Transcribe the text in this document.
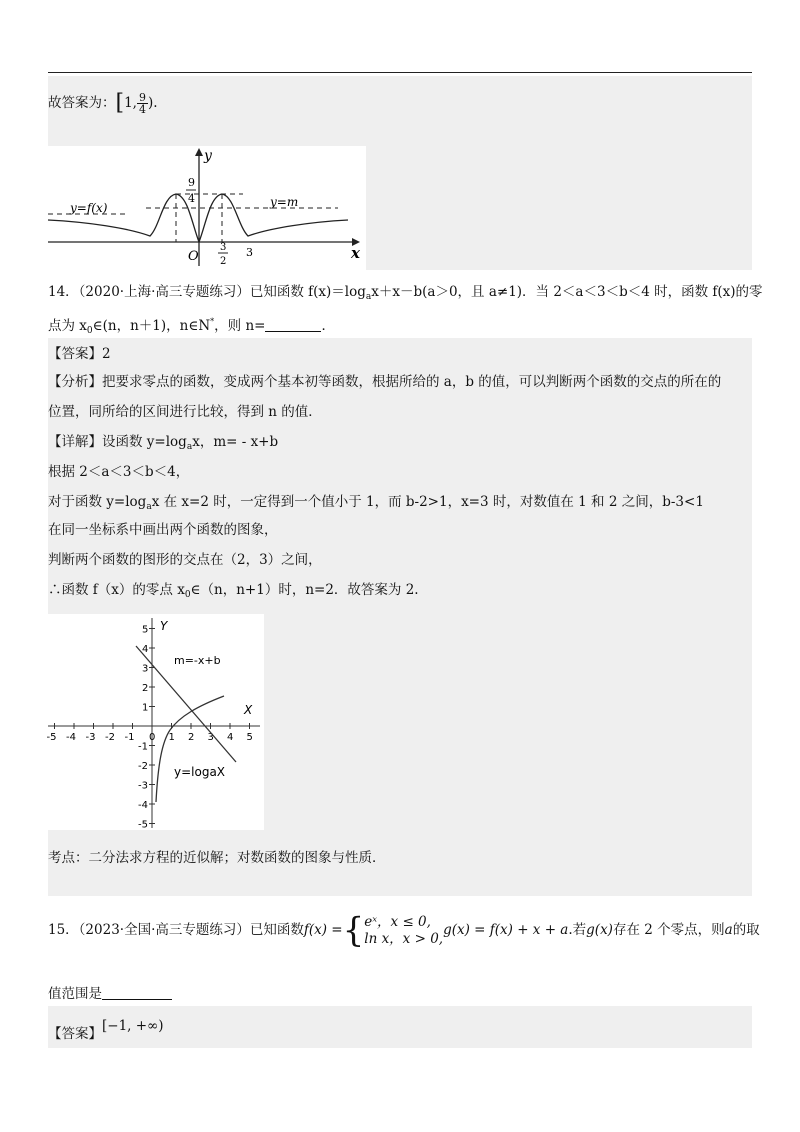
故答案为：[1, $\frac{9}{4}$ ).
y
x
y=f(x)	y=m
O
9
4
3
2
3
14．（2020·上海·高三专题练习）已知函数 $f(x)=\log_ax+x-b(a>0$，且 a≠1)．当 2＜a＜3＜b＜4 时，函数 f(x)的零
点为 $x_0\in(n$，n＋1)，n∈N*，则 n=	．
【答案】2
【分析】把要求零点的函数，变成两个基本初等函数，根据所给的 a，b 的值，可以判断两个函数的交点的所在的
位置，同所给的区间进行比较，得到 n 的值．
【详解】设函数 $y=\log_ax$，m= - x+b
根据 2＜a＜3＜b＜4，
对于函数 $y=\log_ax$ 在 x=2 时，一定得到一个值小于 1，而 b-2>1，x=3 时，对数值在 1 和 2 之间，b-3<1
在同一坐标系中画出两个函数的图象，
判断两个函数的图形的交点在（2，3）之间，
∴函数 f（x）的零点 $x_0\in(n$，n+1）时，n=2．故答案为 2.
-5 -4 -3 -2 -1 0 1 2 3 4 5
5
4
3
2
1
-1
-2
-3
-4
-5
Y
X
m=-x+b
y=logaX
考点：二分法求方程的近似解；对数函数的图象与性质．
15．（2023·全国·高三专题练习）已知函数f(x) ={ eˣ，x ≤ 0,
ln x，x > 0,
g(x) = f(x) + x + a.若g(x)存在 2 个零点，则a的取
值范围是
【答案】[−1, +∞)
